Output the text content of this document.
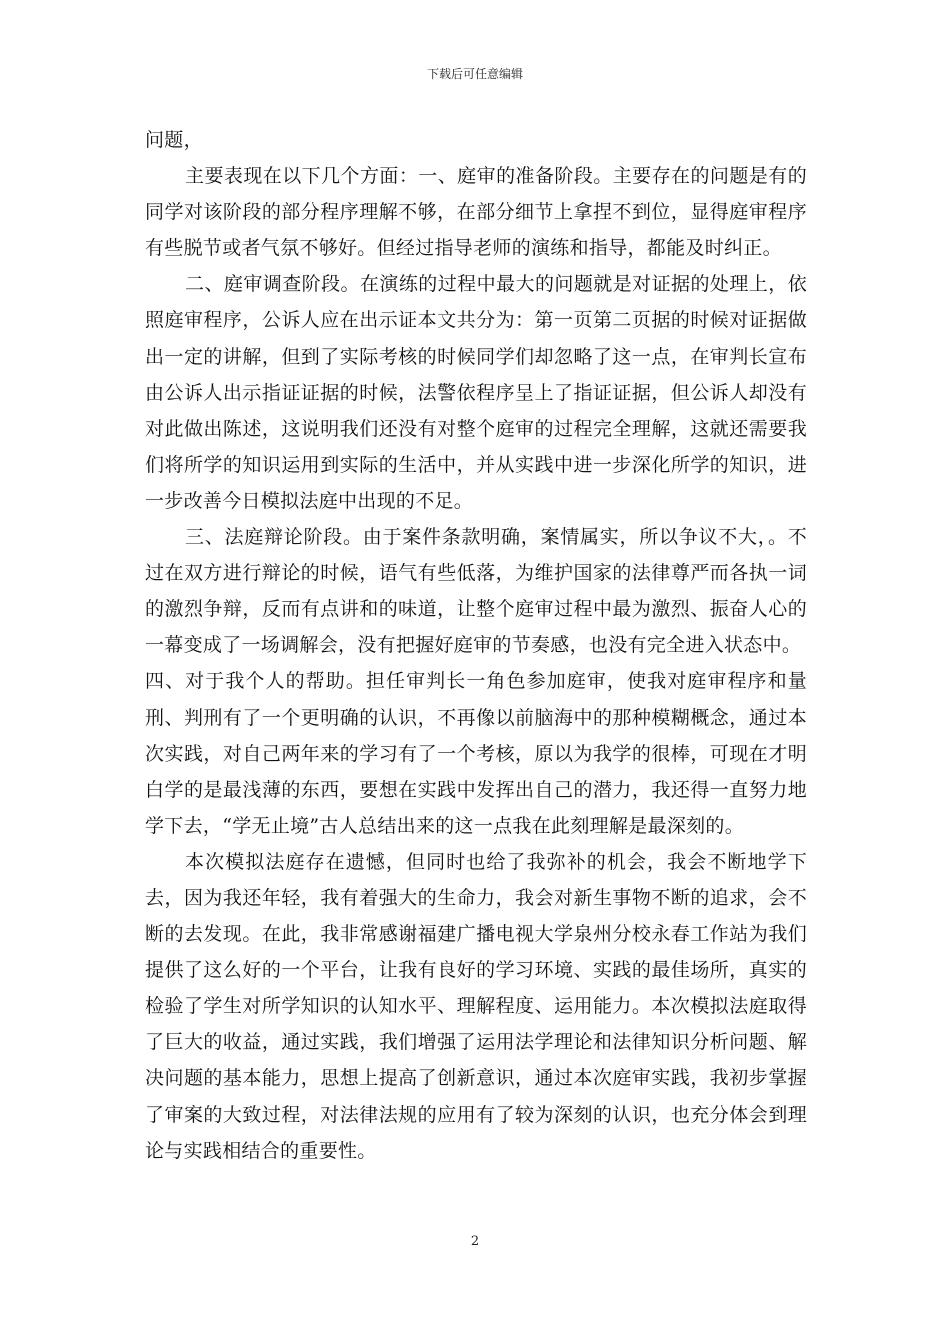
下载后可任意编辑

问题，

主要表现在以下几个方面：一、庭审的准备阶段。主要存在的问题是有的同学对该阶段的部分程序理解不够，在部分细节上拿捏不到位，显得庭审程序有些脱节或者气氛不够好。但经过指导老师的演练和指导，都能及时纠正。

二、庭审调查阶段。在演练的过程中最大的问题就是对证据的处理上，依照庭审程序，公诉人应在出示证本文共分为：第一页第二页据的时候对证据做出一定的讲解，但到了实际考核的时候同学们却忽略了这一点，在审判长宣布由公诉人出示指证证据的时候，法警依程序呈上了指证证据，但公诉人却没有对此做出陈述，这说明我们还没有对整个庭审的过程完全理解，这就还需要我们将所学的知识运用到实际的生活中，并从实践中进一步深化所学的知识，进一步改善今日模拟法庭中出现的不足。

三、法庭辩论阶段。由于案件条款明确，案情属实，所以争议不大，。不过在双方进行辩论的时候，语气有些低落，为维护国家的法律尊严而各执一词的激烈争辩，反而有点讲和的味道，让整个庭审过程中最为激烈、振奋人心的一幕变成了一场调解会，没有把握好庭审的节奏感，也没有完全进入状态中。

四、对于我个人的帮助。担任审判长一角色参加庭审，使我对庭审程序和量刑、判刑有了一个更明确的认识，不再像以前脑海中的那种模糊概念，通过本次实践，对自己两年来的学习有了一个考核，原以为我学的很棒，可现在才明白学的是最浅薄的东西，要想在实践中发挥出自己的潜力，我还得一直努力地学下去，“学无止境”古人总结出来的这一点我在此刻理解是最深刻的。

本次模拟法庭存在遗憾，但同时也给了我弥补的机会，我会不断地学下去，因为我还年轻，我有着强大的生命力，我会对新生事物不断的追求，会不断的去发现。在此，我非常感谢福建广播电视大学泉州分校永春工作站为我们提供了这么好的一个平台，让我有良好的学习环境、实践的最佳场所，真实的检验了学生对所学知识的认知水平、理解程度、运用能力。本次模拟法庭取得了巨大的收益，通过实践，我们增强了运用法学理论和法律知识分析问题、解决问题的基本能力，思想上提高了创新意识，通过本次庭审实践，我初步掌握了审案的大致过程，对法律法规的应用有了较为深刻的认识，也充分体会到理论与实践相结合的重要性。

2
